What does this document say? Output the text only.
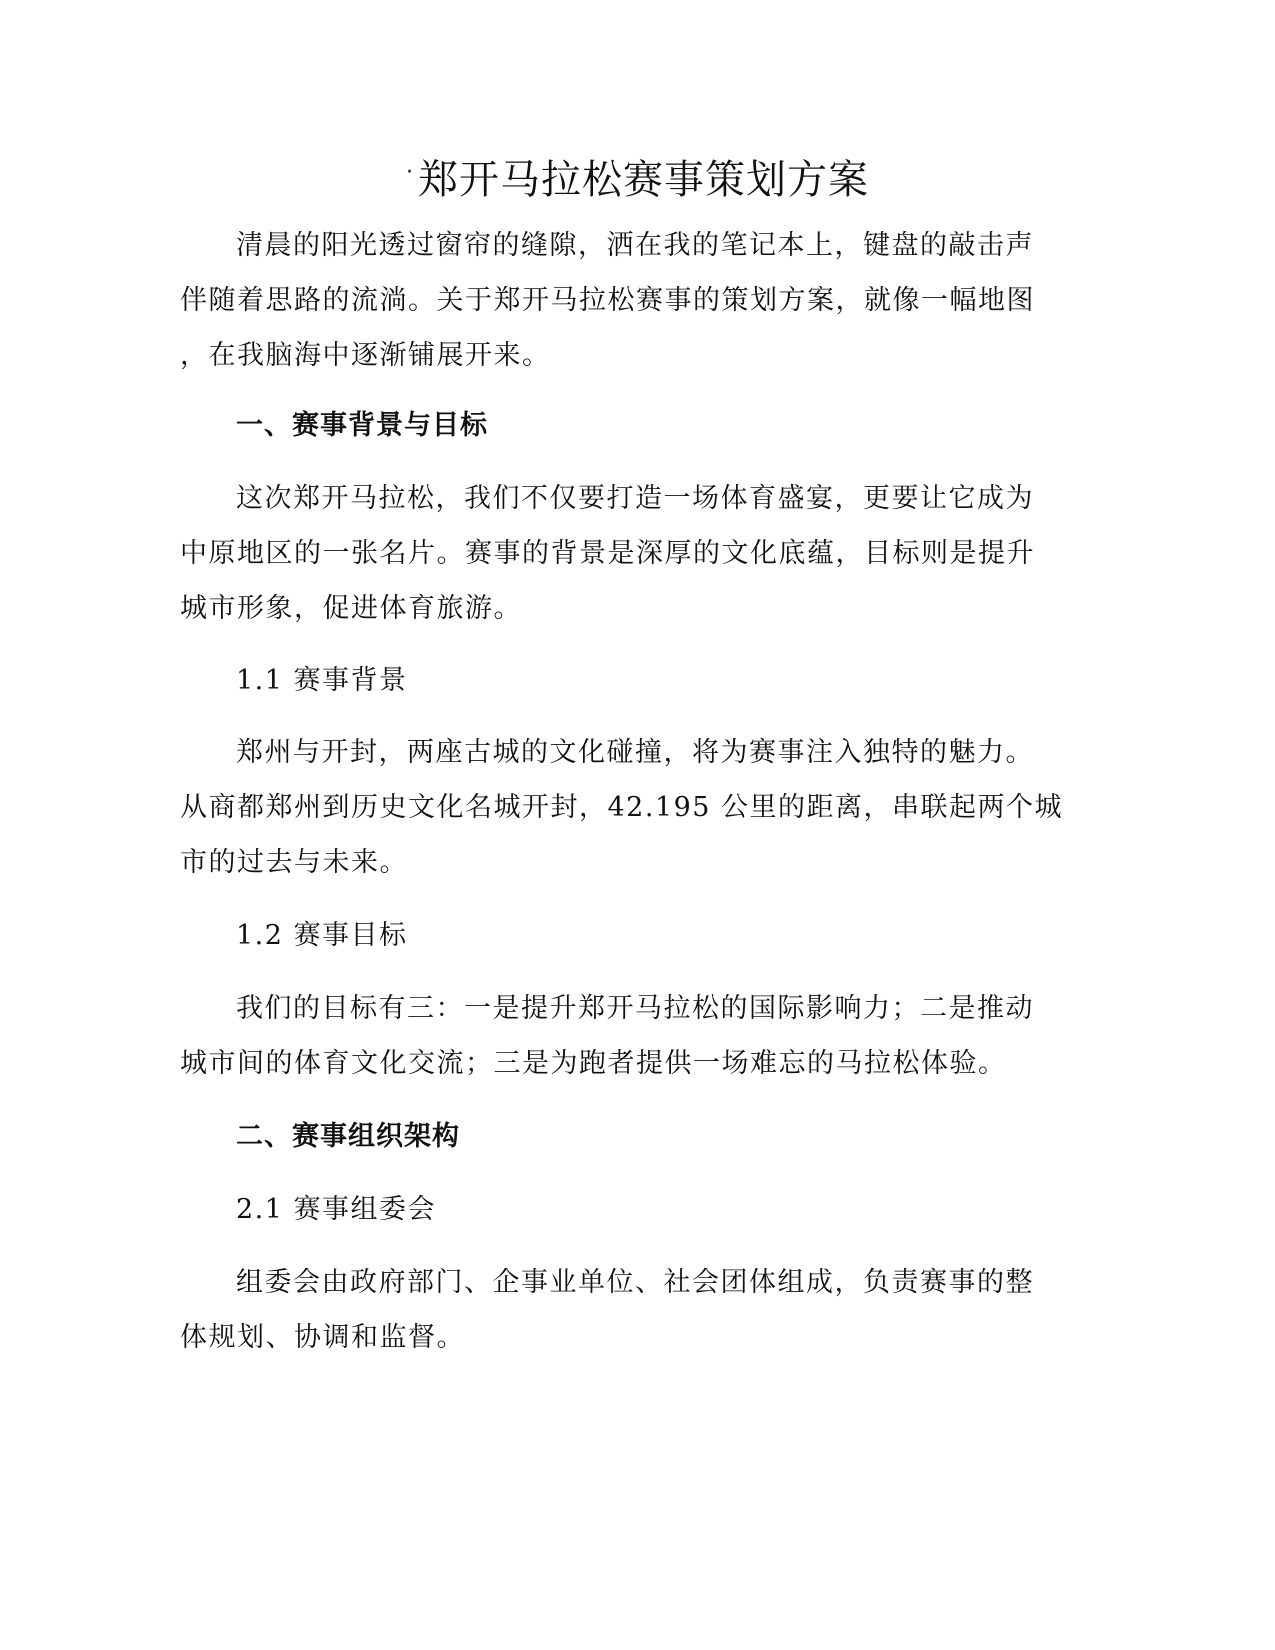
· 郑开马拉松赛事策划方案
清晨的阳光透过窗帘的缝隙，洒在我的笔记本上，键盘的敲击声
伴随着思路的流淌。关于郑开马拉松赛事的策划方案，就像一幅地图
，在我脑海中逐渐铺展开来。
一、赛事背景与目标
这次郑开马拉松，我们不仅要打造一场体育盛宴，更要让它成为
中原地区的一张名片。赛事的背景是深厚的文化底蕴，目标则是提升
城市形象，促进体育旅游。
1.1 赛事背景
郑州与开封，两座古城的文化碰撞，将为赛事注入独特的魅力。
从商都郑州到历史文化名城开封，42.195 公里的距离，串联起两个城
市的过去与未来。
1.2 赛事目标
我们的目标有三：一是提升郑开马拉松的国际影响力；二是推动
城市间的体育文化交流；三是为跑者提供一场难忘的马拉松体验。
二、赛事组织架构
2.1 赛事组委会
组委会由政府部门、企事业单位、社会团体组成，负责赛事的整
体规划、协调和监督。
